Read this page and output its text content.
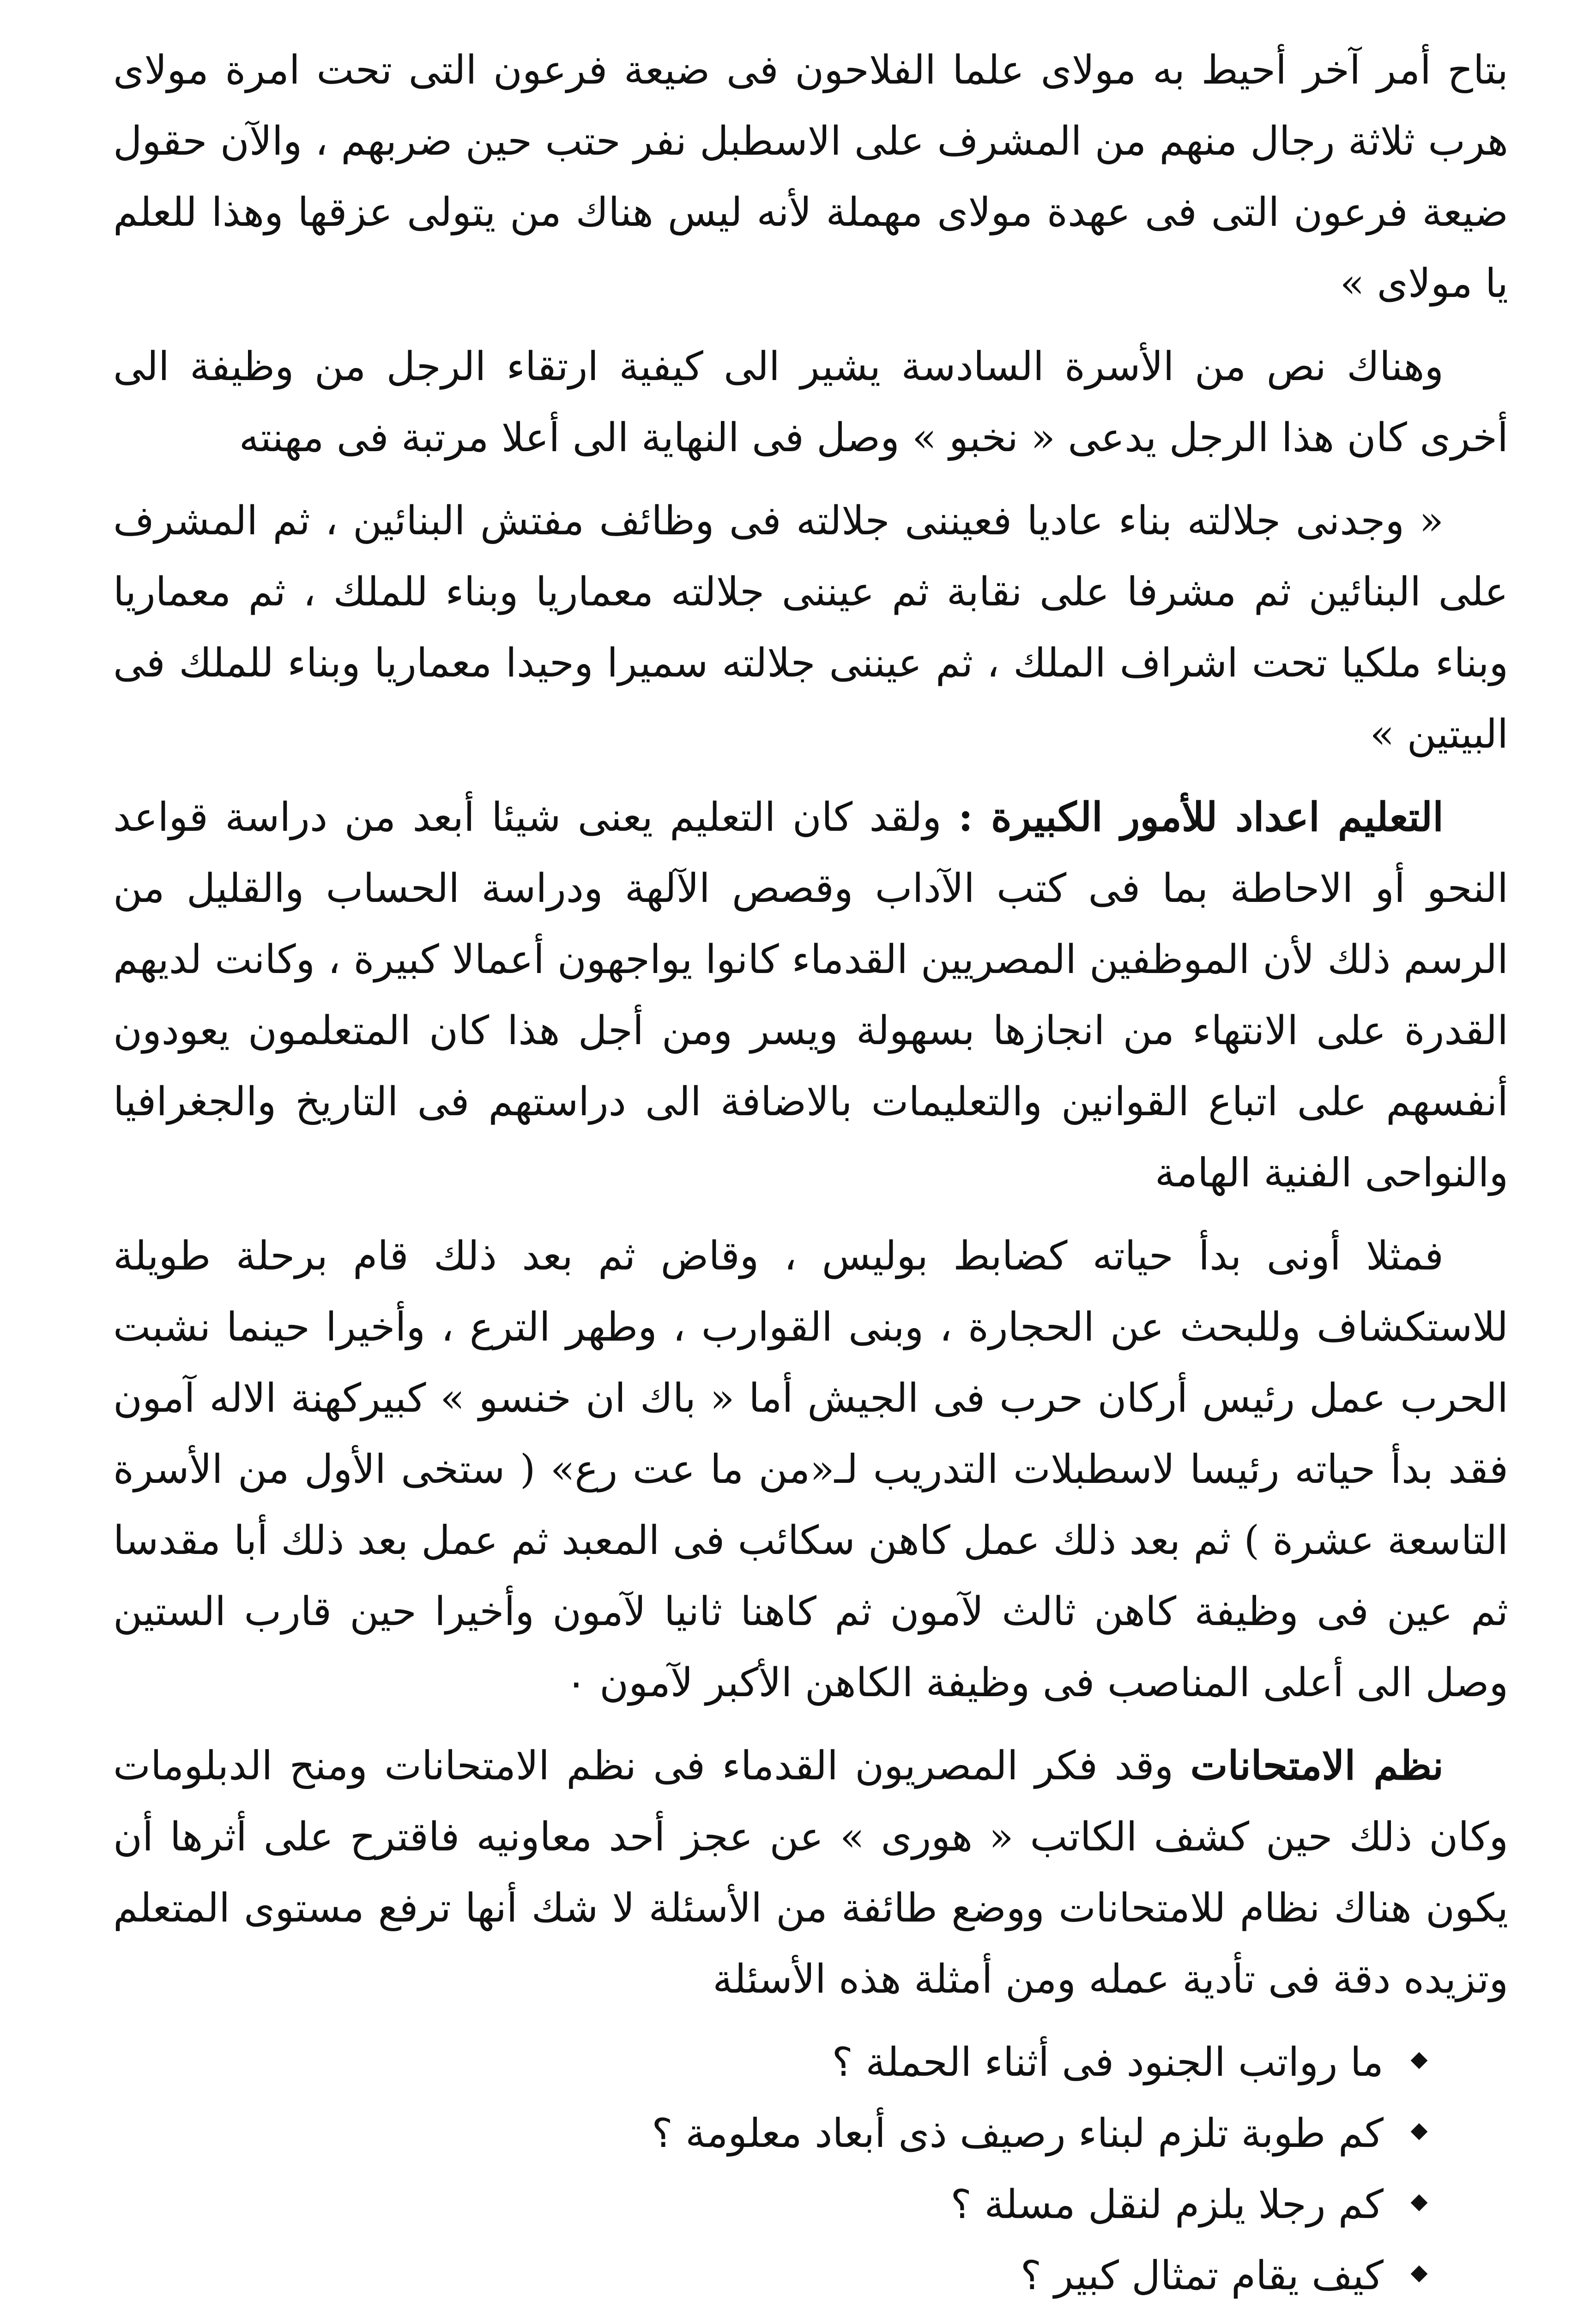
بتاح أمر آخر أحيط به مولاى علما الفلاحون فى ضيعة فرعون التى تحت امرة مولاى هرب ثلاثة رجال منهم من المشرف على الاسطبل نفر حتب حين ضربهم ، والآن حقول ضيعة فرعون التى فى عهدة مولاى مهملة لأنه ليس هناك من يتولى عزقها وهذا للعلم يا مولاى »

وهناك نص من الأسرة السادسة يشير الى كيفية ارتقاء الرجل من وظيفة الى أخرى كان هذا الرجل يدعى « نخبو » وصل فى النهاية الى أعلا مرتبة فى مهنته

« وجدنى جلالته بناء عاديا فعيننى جلالته فى وظائف مفتش البنائين ، ثم المشرف على البنائين ثم مشرفا على نقابة ثم عيننى جلالته معماريا وبناء للملك ، ثم معماريا وبناء ملكيا تحت اشراف الملك ، ثم عيننى جلالته سميرا وحيدا معماريا وبناء للملك فى البيتين »

التعليم اعداد للأمور الكبيرة : ولقد كان التعليم يعنى شيئا أبعد من دراسة قواعد النحو أو الاحاطة بما فى كتب الآداب وقصص الآلهة ودراسة الحساب والقليل من الرسم ذلك لأن الموظفين المصريين القدماء كانوا يواجهون أعمالا كبيرة ، وكانت لديهم القدرة على الانتهاء من انجازها بسهولة ويسر ومن أجل هذا كان المتعلمون يعودون أنفسهم على اتباع القوانين والتعليمات بالاضافة الى دراستهم فى التاريخ والجغرافيا والنواحى الفنية الهامة

فمثلا أونى بدأ حياته كضابط بوليس ، وقاض ثم بعد ذلك قام برحلة طويلة للاستكشاف وللبحث عن الحجارة ، وبنى القوارب ، وطهر الترع ، وأخيرا حينما نشبت الحرب عمل رئيس أركان حرب فى الجيش أما « باك ان خنسو » كبيركهنة الاله آمون فقد بدأ حياته رئيسا لاسطبلات التدريب لـ«من ما عت رع» ( ستخى الأول من الأسرة التاسعة عشرة ) ثم بعد ذلك عمل كاهن سكائب فى المعبد ثم عمل بعد ذلك أبا مقدسا ثم عين فى وظيفة كاهن ثالث لآمون ثم كاهنا ثانيا لآمون وأخيرا حين قارب الستين وصل الى أعلى المناصب فى وظيفة الكاهن الأكبر لآمون ٠

نظم الامتحانات وقد فكر المصريون القدماء فى نظم الامتحانات ومنح الدبلومات وكان ذلك حين كشف الكاتب « هورى » عن عجز أحد معاونيه فاقترح على أثرها أن يكون هناك نظام للامتحانات ووضع طائفة من الأسئلة لا شك أنها ترفع مستوى المتعلم وتزيده دقة فى تأدية عمله ومن أمثلة هذه الأسئلة

ما رواتب الجنود فى أثناء الحملة ؟
كم طوبة تلزم لبناء رصيف ذى أبعاد معلومة ؟
كم رجلا يلزم لنقل مسلة ؟
كيف يقام تمثال كبير ؟
